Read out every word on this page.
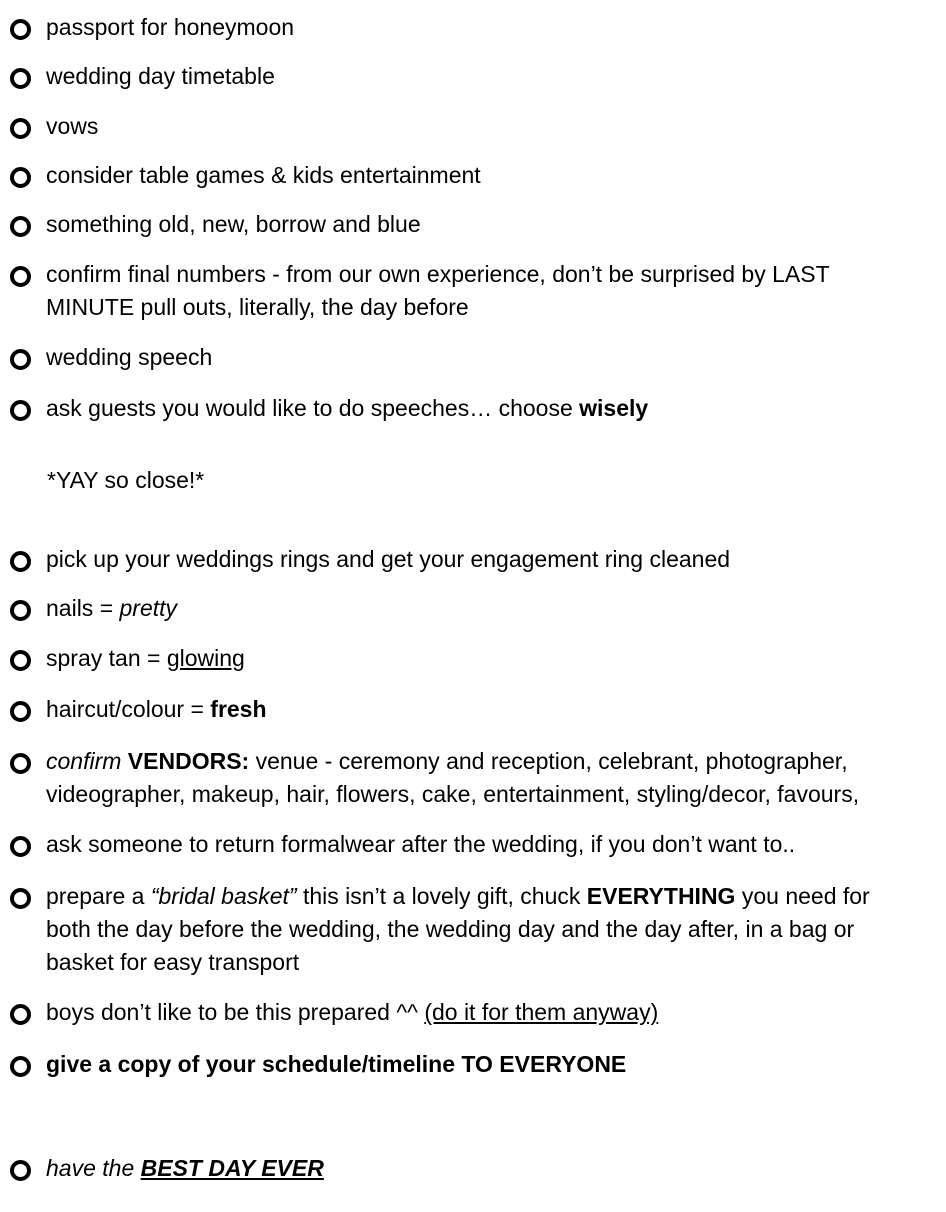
passport for honeymoon
wedding day timetable
vows
consider table games & kids entertainment
something old, new, borrow and blue
confirm final numbers - from our own experience, don’t be surprised by LAST MINUTE pull outs, literally, the day before
wedding speech
ask guests you would like to do speeches… choose wisely
*YAY so close!*
pick up your weddings rings and get your engagement ring cleaned
nails = pretty
spray tan = glowing
haircut/colour = fresh
confirm VENDORS: venue - ceremony and reception, celebrant, photographer, videographer, makeup, hair, flowers, cake, entertainment, styling/decor, favours,
ask someone to return formalwear after the wedding, if you don’t want to..
prepare a “bridal basket” this isn’t a lovely gift, chuck EVERYTHING you need for both the day before the wedding, the wedding day and the day after, in a bag or basket for easy transport
boys don’t like to be this prepared ^^ (do it for them anyway)
give a copy of your schedule/timeline TO EVERYONE
have the BEST DAY EVER
